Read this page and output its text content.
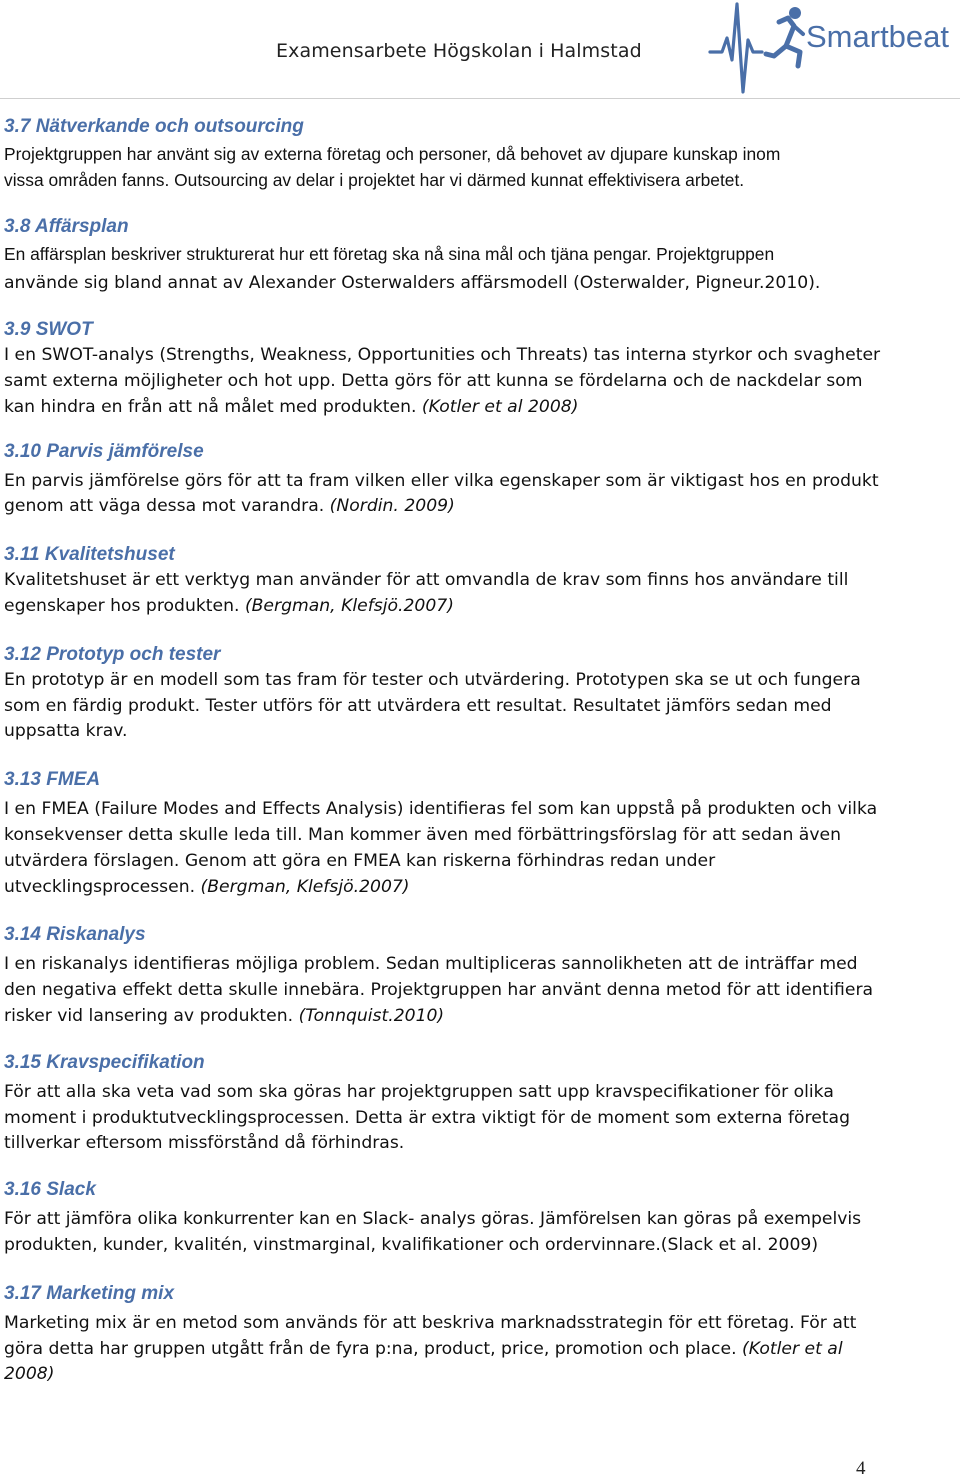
Examensarbete Högskolan i Halmstad	Smartbeat
3.7 Nätverkande och outsourcing

Projektgruppen har använt sig av externa företag och personer, då behovet av djupare kunskap inom

vissa områden fanns. Outsourcing av delar i projektet har vi därmed kunnat effektivisera arbetet.

3.8 Affärsplan

En affärsplan beskriver strukturerat hur ett företag ska nå sina mål och tjäna pengar. Projektgruppen

använde sig bland annat av Alexander Osterwalders affärsmodell (Osterwalder, Pigneur.2010).

3.9 SWOT

I en SWOT-analys (Strengths, Weakness, Opportunities och Threats) tas interna styrkor och svagheter

samt externa möjligheter och hot upp. Detta görs för att kunna se fördelarna och de nackdelar som

kan hindra en från att nå målet med produkten. (Kotler et al 2008)

3.10 Parvis jämförelse

En parvis jämförelse görs för att ta fram vilken eller vilka egenskaper som är viktigast hos en produkt

genom att väga dessa mot varandra. (Nordin. 2009)

3.11 Kvalitetshuset

Kvalitetshuset är ett verktyg man använder för att omvandla de krav som finns hos användare till

egenskaper hos produkten. (Bergman, Klefsjö.2007)

3.12 Prototyp och tester

En prototyp är en modell som tas fram för tester och utvärdering. Prototypen ska se ut och fungera

som en färdig produkt. Tester utförs för att utvärdera ett resultat. Resultatet jämförs sedan med

uppsatta krav.

3.13 FMEA

I en FMEA (Failure Modes and Effects Analysis) identifieras fel som kan uppstå på produkten och vilka

konsekvenser detta skulle leda till. Man kommer även med förbättringsförslag för att sedan även

utvärdera förslagen. Genom att göra en FMEA kan riskerna förhindras redan under

utvecklingsprocessen. (Bergman, Klefsjö.2007)

3.14 Riskanalys

I en riskanalys identifieras möjliga problem. Sedan multipliceras sannolikheten att de inträffar med

den negativa effekt detta skulle innebära. Projektgruppen har använt denna metod för att identifiera

risker vid lansering av produkten. (Tonnquist.2010)

3.15 Kravspecifikation

För att alla ska veta vad som ska göras har projektgruppen satt upp kravspecifikationer för olika

moment i produktutvecklingsprocessen. Detta är extra viktigt för de moment som externa företag

tillverkar eftersom missförstånd då förhindras.

3.16 Slack

För att jämföra olika konkurrenter kan en Slack- analys göras. Jämförelsen kan göras på exempelvis

produkten, kunder, kvalitén, vinstmarginal, kvalifikationer och ordervinnare.(Slack et al. 2009)

3.17 Marketing mix

Marketing mix är en metod som används för att beskriva marknadsstrategin för ett företag. För att

göra detta har gruppen utgått från de fyra p:na, product, price, promotion och place. (Kotler et al

2008)

4
